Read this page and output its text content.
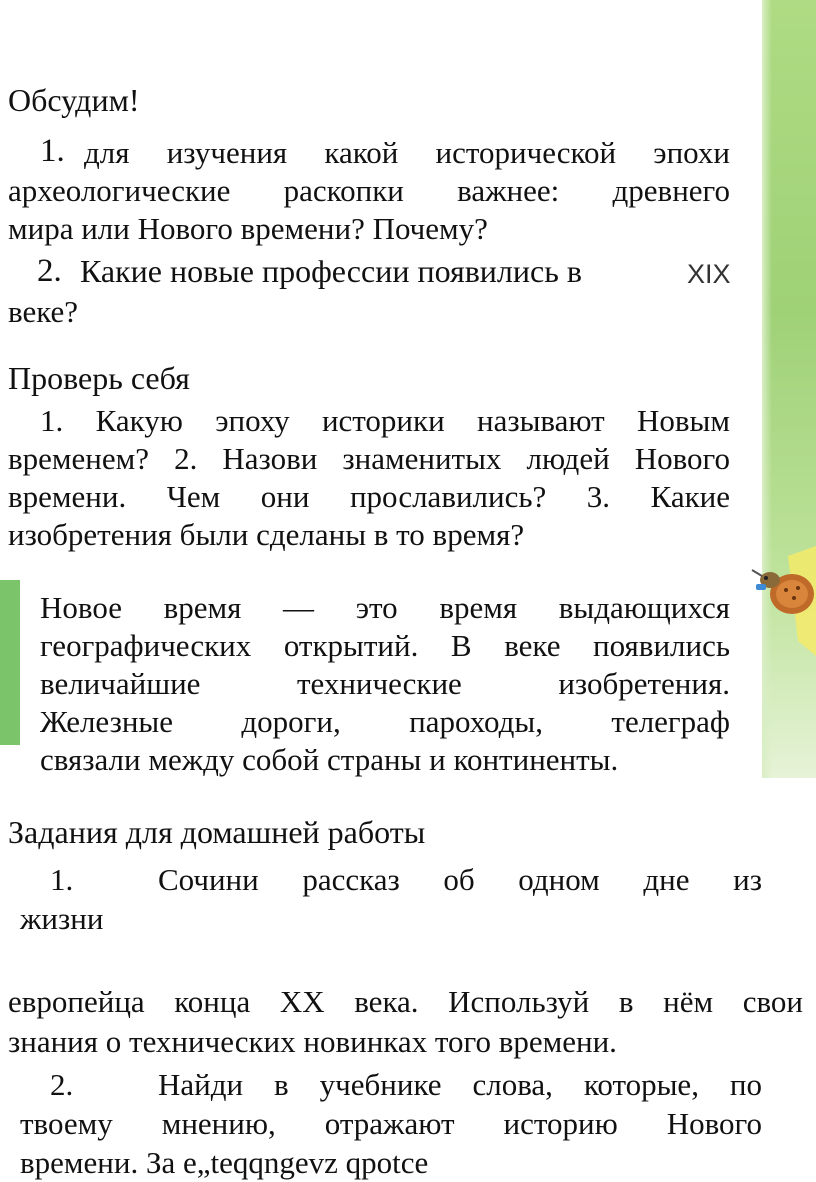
Обсудим!
1. для изучения какой исторической эпохи
археологические раскопки важнее: древнего
мира или Нового времени? Почему?
2. Какие новые профессии появились в	XIX
веке?
Проверь себя
1. Какую эпоху историки называют Новым
временем? 2. Назови знаменитых людей Нового
времени. Чем они прославились? 3. Какие
изобретения были сделаны в то время?
Новое время — это время выдающихся
географических открытий. В веке появились
величайшие технические изобретения.
Железные дороги, пароходы, телеграф
связали между собой страны и континенты.
Задания для домашней работы
1.	Сочини рассказ об одном дне из
жизни
европейца конца XX века. Используй в нём свои
знания о технических новинках того времени.
2.	Найди в учебнике слова, которые, по
твоему мнению, отражают историю Нового
времени. За е„teqqngevz qpotce
